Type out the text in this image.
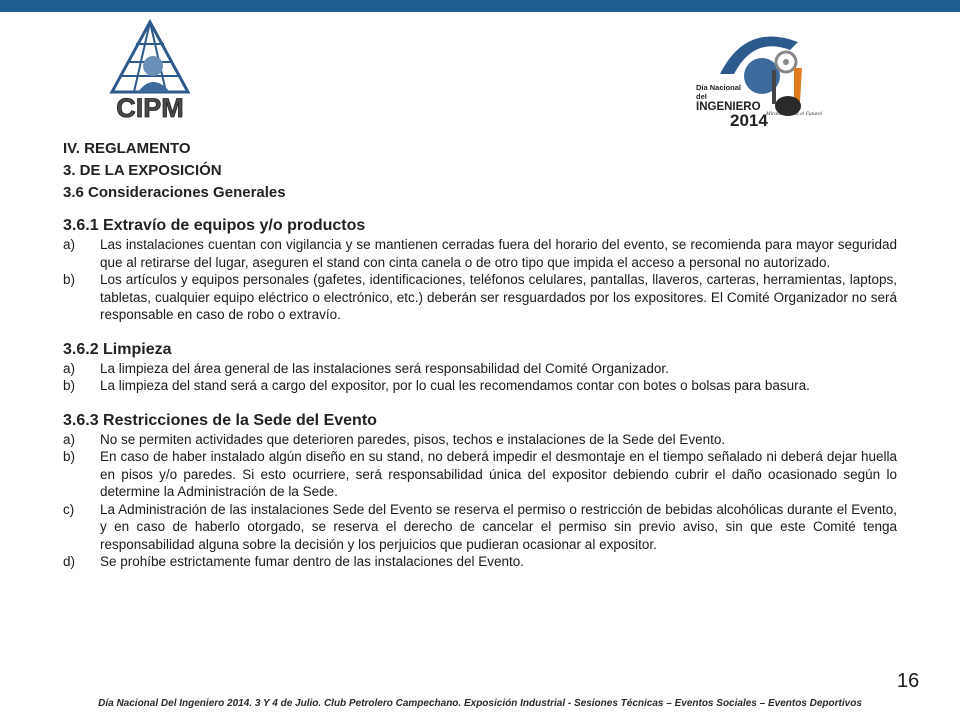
CIPM
Día Nacional
del
INGENIERO
2014
Mirando hacia el Futuro!
IV. REGLAMENTO
3. DE LA EXPOSICIÓN
3.6 Consideraciones Generales
3.6.1 Extravío de equipos y/o productos
a) Las instalaciones cuentan con vigilancia y se mantienen cerradas fuera del horario del evento, se recomienda para mayor seguridad que al retirarse del lugar, aseguren el stand con cinta canela o de otro tipo que impida el acceso a personal no autorizado.
b) Los artículos y equipos personales (gafetes, identificaciones, teléfonos celulares, pantallas, llaveros, carteras, herramientas, laptops, tabletas, cualquier equipo eléctrico o electrónico, etc.) deberán ser resguardados por los expositores. El Comité Organizador no será responsable en caso de robo o extravío.
3.6.2 Limpieza
a) La limpieza del área general de las instalaciones será responsabilidad del Comité Organizador.
b) La limpieza del stand será a cargo del expositor, por lo cual les recomendamos contar con botes o bolsas para basura.
3.6.3 Restricciones de la Sede del Evento
a) No se permiten actividades que deterioren paredes, pisos, techos e instalaciones de la Sede del Evento.
b) En caso de haber instalado algún diseño en su stand, no deberá impedir el desmontaje en el tiempo señalado ni deberá dejar huella en pisos y/o paredes. Si esto ocurriere, será responsabilidad única del expositor debiendo cubrir el daño ocasionado según lo determine la Administración de la Sede.
c) La Administración de las instalaciones Sede del Evento se reserva el permiso o restricción de bebidas alcohólicas durante el Evento, y en caso de haberlo otorgado, se reserva el derecho de cancelar el permiso sin previo aviso, sin que este Comité tenga responsabilidad alguna sobre la decisión y los perjuicios que pudieran ocasionar al expositor.
d) Se prohíbe estrictamente fumar dentro de las instalaciones del Evento.
16
Día Nacional Del Ingeniero 2014. 3 Y 4 de Julio. Club Petrolero Campechano. Exposición Industrial - Sesiones Técnicas – Eventos Sociales – Eventos Deportivos
